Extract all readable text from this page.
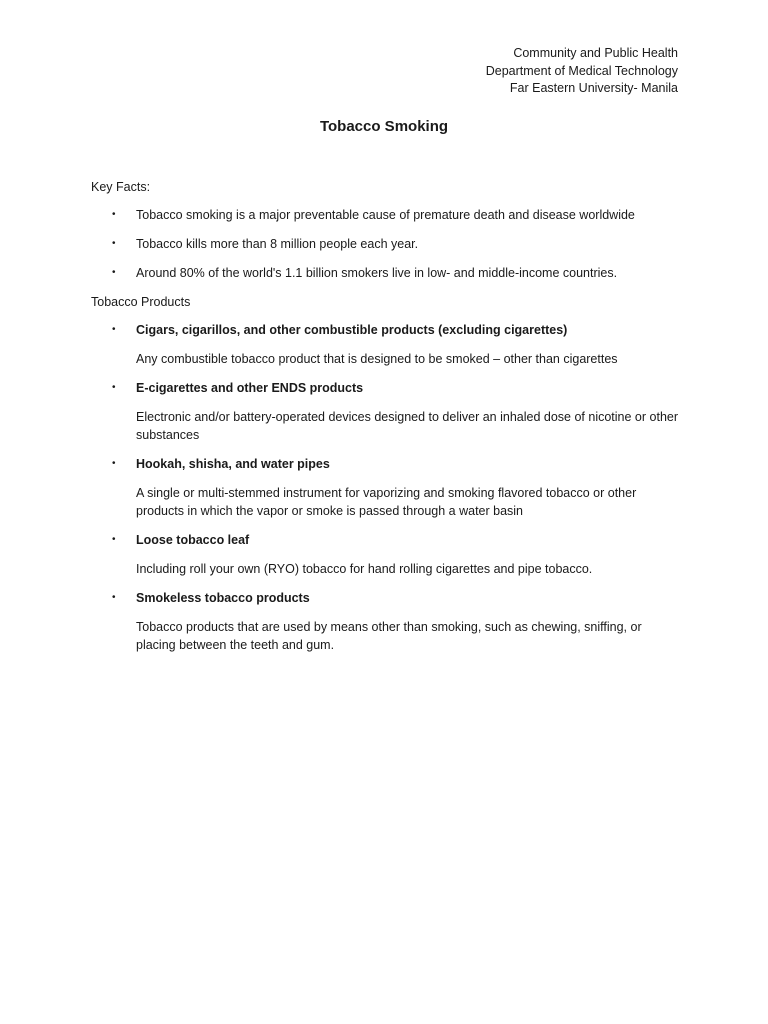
Community and Public Health
Department of Medical Technology
Far Eastern University- Manila
Tobacco Smoking
Key Facts:
• Tobacco smoking is a major preventable cause of premature death and disease worldwide
• Tobacco kills more than 8 million people each year.
• Around 80% of the world's 1.1 billion smokers live in low- and middle-income countries.
Tobacco Products
• Cigars, cigarillos, and other combustible products (excluding cigarettes)
Any combustible tobacco product that is designed to be smoked – other than cigarettes
• E-cigarettes and other ENDS products
Electronic and/or battery-operated devices designed to deliver an inhaled dose of nicotine or other substances
• Hookah, shisha, and water pipes
A single or multi-stemmed instrument for vaporizing and smoking flavored tobacco or other products in which the vapor or smoke is passed through a water basin
• Loose tobacco leaf
Including roll your own (RYO) tobacco for hand rolling cigarettes and pipe tobacco.
• Smokeless tobacco products
Tobacco products that are used by means other than smoking, such as chewing, sniffing, or placing between the teeth and gum.
